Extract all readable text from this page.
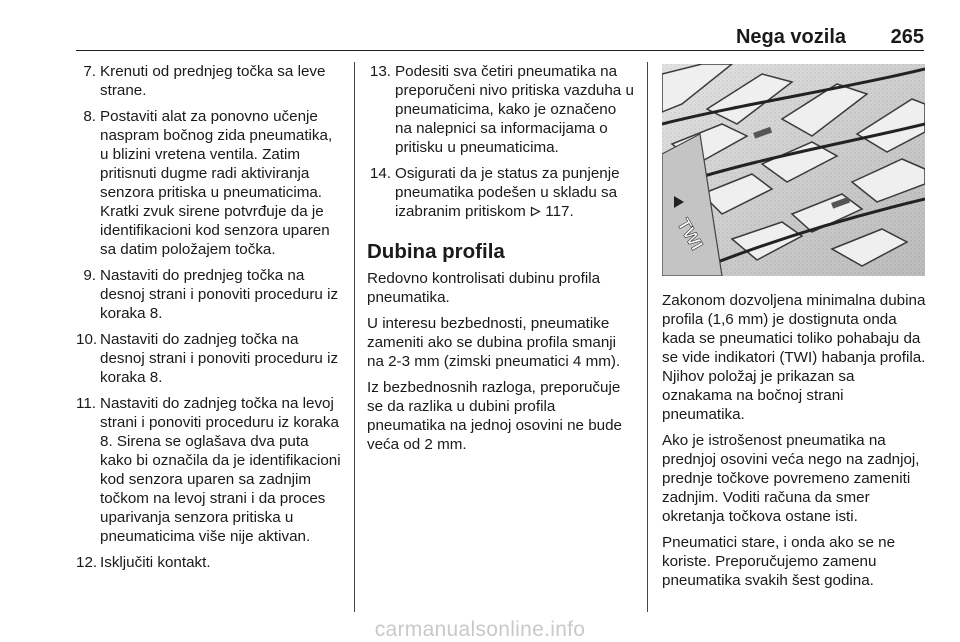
Nega vozila 265
7. Krenuti od prednjeg točka sa leve strane.
8. Postaviti alat za ponovno učenje naspram bočnog zida pneumatika, u blizini vretena ventila. Zatim pritisnuti dugme radi aktiviranja senzora pritiska u pneumaticima. Kratki zvuk sirene potvrđuje da je identifikacioni kod senzora uparen sa datim položajem točka.
9. Nastaviti do prednjeg točka na desnoj strani i ponoviti proceduru iz koraka 8.
10. Nastaviti do zadnjeg točka na desnoj strani i ponoviti proceduru iz koraka 8.
11. Nastaviti do zadnjeg točka na levoj strani i ponoviti proceduru iz koraka 8. Sirena se oglašava dva puta kako bi označila da je identifikacioni kod senzora uparen sa zadnjim točkom na levoj strani i da proces uparivanja senzora pritiska u pneumaticima više nije aktivan.
12. Isključiti kontakt.
13. Podesiti sva četiri pneumatika na preporučeni nivo pritiska vazduha u pneumaticima, kako je označeno na nalepnici sa informacijama o pritisku u pneumaticima.
14. Osigurati da je status za punjenje pneumatika podešen u skladu sa izabranim pritiskom 117.
Dubina profila

Redovno kontrolisati dubinu profila pneumatika.

U interesu bezbednosti, pneumatike zameniti ako se dubina profila smanji na 2-3 mm (zimski pneumatici 4 mm).

Iz bezbednosnih razloga, preporučuje se da razlika u dubini profila pneumatika na jednoj osovini ne bude veća od 2 mm.

TWI

Zakonom dozvoljena minimalna dubina profila (1,6 mm) je dostignuta onda kada se pneumatici toliko pohabaju da se vide indikatori (TWI) habanja profila. Njihov položaj je prikazan sa oznakama na bočnoj strani pneumatika.

Ako je istrošenost pneumatika na prednjoj osovini veća nego na zadnjoj, prednje točkove povremeno zameniti zadnjim. Voditi računa da smer okretanja točkova ostane isti.

Pneumatici stare, i onda ako se ne koriste. Preporučujemo zamenu pneumatika svakih šest godina.

carmanualsonline.info
